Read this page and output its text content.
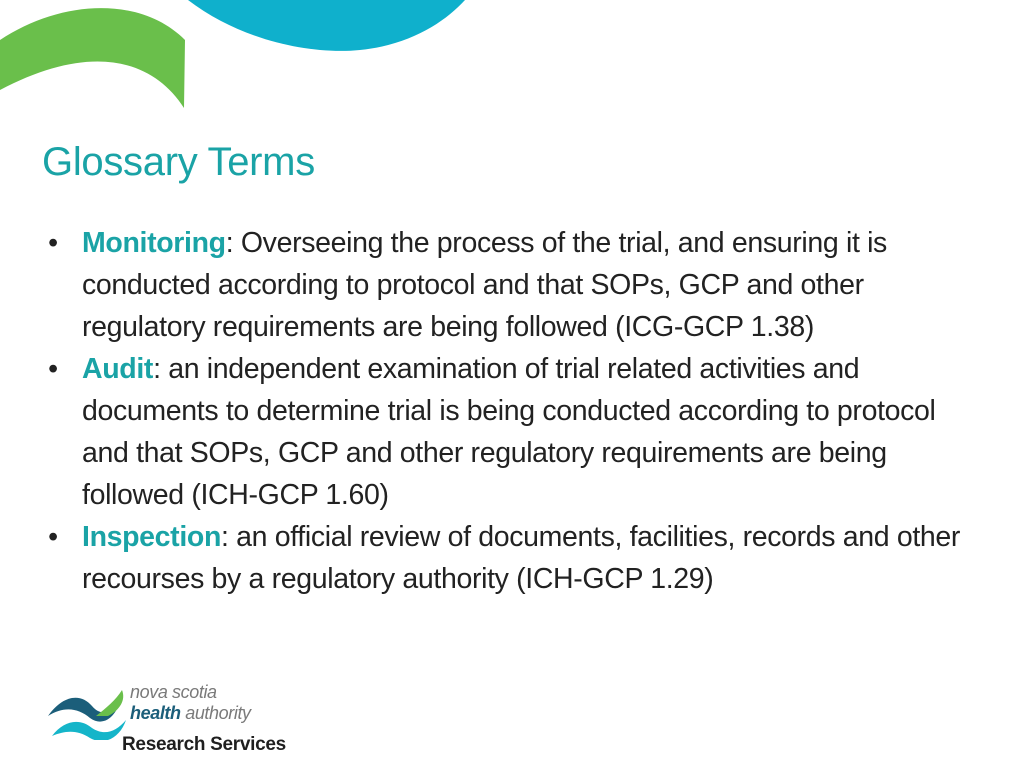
Glossary Terms
• Monitoring: Overseeing the process of the trial, and ensuring it is conducted according to protocol and that SOPs, GCP and other regulatory requirements are being followed (ICG-GCP 1.38)
• Audit: an independent examination of trial related activities and documents to determine trial is being conducted according to protocol and that SOPs, GCP and other regulatory requirements are being followed (ICH-GCP 1.60)
• Inspection: an official review of documents, facilities, records and other recourses by a regulatory authority (ICH-GCP 1.29)
nova scotia
health authority
Research Services
